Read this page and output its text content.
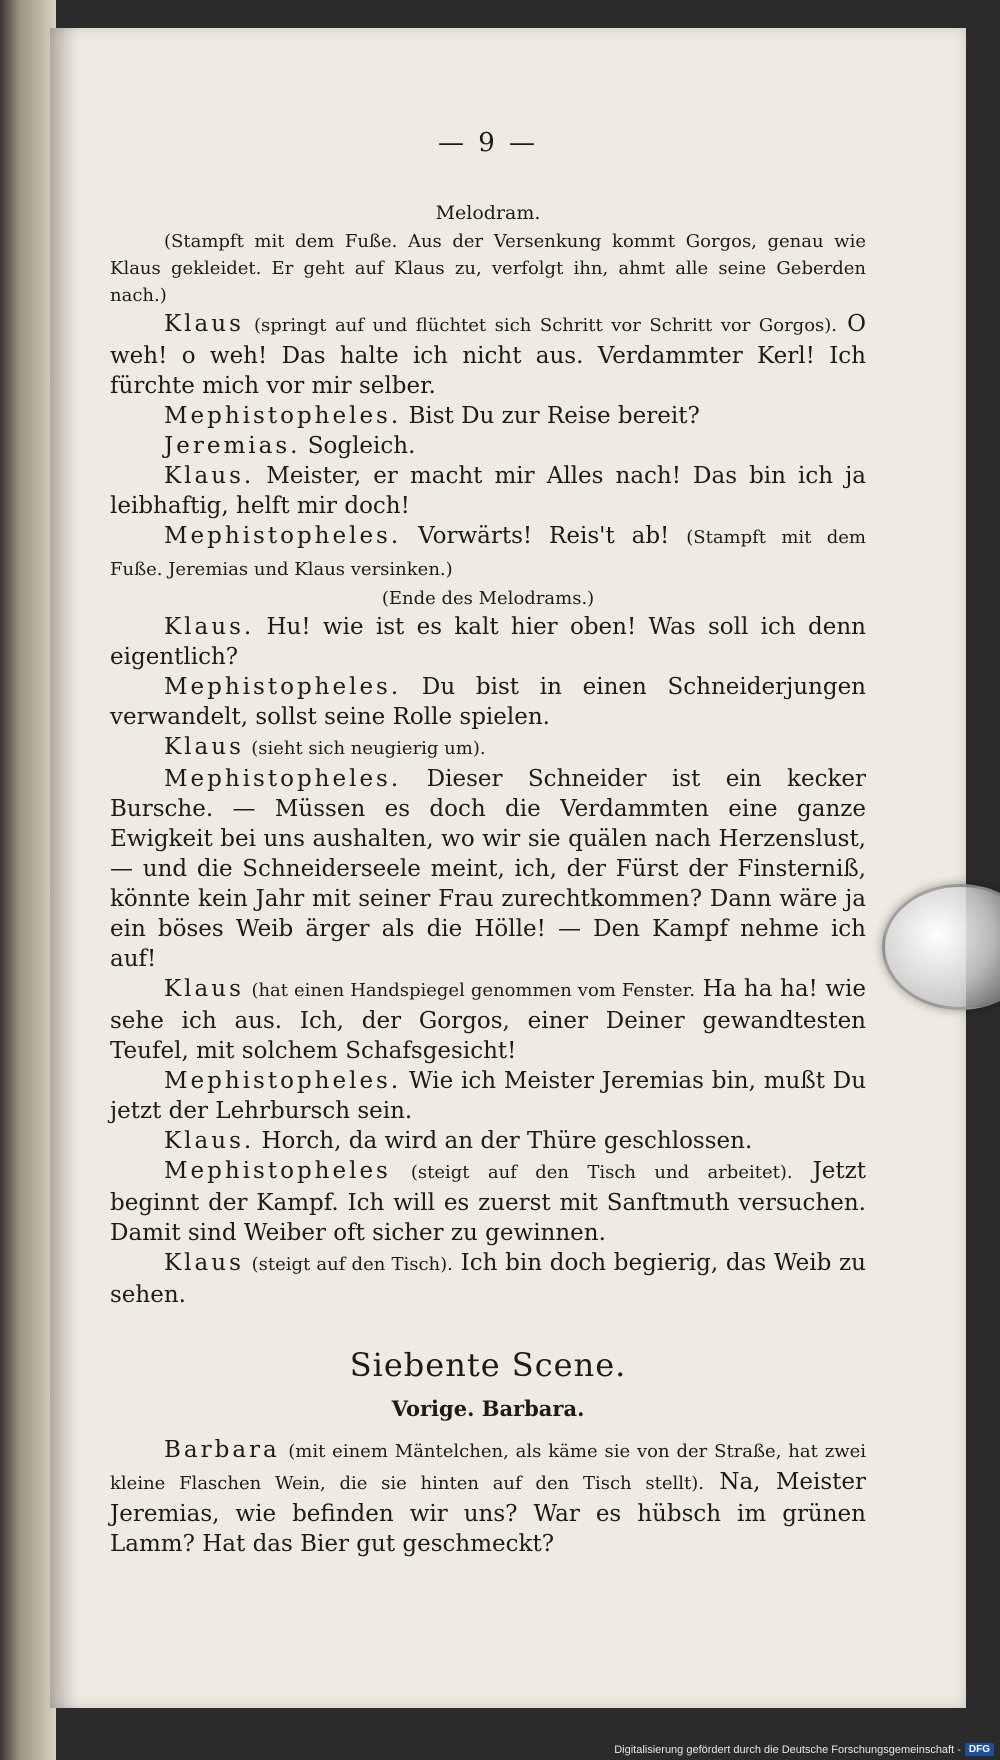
— 9 —
Melodram.

(Stampft mit dem Fuße. Aus der Versenkung kommt Gorgos, genau wie Klaus gekleidet. Er geht auf Klaus zu, verfolgt ihn, ahmt alle seine Geberden nach.)

Klaus (springt auf und flüchtet sich Schritt vor Schritt vor Gorgos). O weh! o weh! Das halte ich nicht aus. Verdammter Kerl! Ich fürchte mich vor mir selber.

Mephistopheles. Bist Du zur Reise bereit?

Jeremias. Sogleich.

Klaus. Meister, er macht mir Alles nach! Das bin ich ja leibhaftig, helft mir doch!

Mephistopheles. Vorwärts! Reis't ab! (Stampft mit dem Fuße. Jeremias und Klaus versinken.)

(Ende des Melodrams.)

Klaus. Hu! wie ist es kalt hier oben! Was soll ich denn eigentlich?

Mephistopheles. Du bist in einen Schneiderjungen verwandelt, sollst seine Rolle spielen.

Klaus (sieht sich neugierig um).

Mephistopheles. Dieser Schneider ist ein kecker Bursche. — Müssen es doch die Verdammten eine ganze Ewigkeit bei uns aushalten, wo wir sie quälen nach Herzenslust, — und die Schneiderseele meint, ich, der Fürst der Finsterniß, könnte kein Jahr mit seiner Frau zurechtkommen? Dann wäre ja ein böses Weib ärger als die Hölle! — Den Kampf nehme ich auf!

Klaus (hat einen Handspiegel genommen vom Fenster. Ha ha ha! wie sehe ich aus. Ich, der Gorgos, einer Deiner gewandtesten Teufel, mit solchem Schafsgesicht!

Mephistopheles. Wie ich Meister Jeremias bin, mußt Du jetzt der Lehrbursch sein.

Klaus. Horch, da wird an der Thüre geschlossen.

Mephistopheles (steigt auf den Tisch und arbeitet). Jetzt beginnt der Kampf. Ich will es zuerst mit Sanftmuth versuchen. Damit sind Weiber oft sicher zu gewinnen.

Klaus (steigt auf den Tisch). Ich bin doch begierig, das Weib zu sehen.

Siebente Scene.
Vorige. Barbara.

Barbara (mit einem Mäntelchen, als käme sie von der Straße, hat zwei kleine Flaschen Wein, die sie hinten auf den Tisch stellt). Na, Meister Jeremias, wie befinden wir uns? War es hübsch im grünen Lamm? Hat das Bier gut geschmeckt?

Digitalisierung gefördert durch die Deutsche Forschungsgemeinschaft - DFG
